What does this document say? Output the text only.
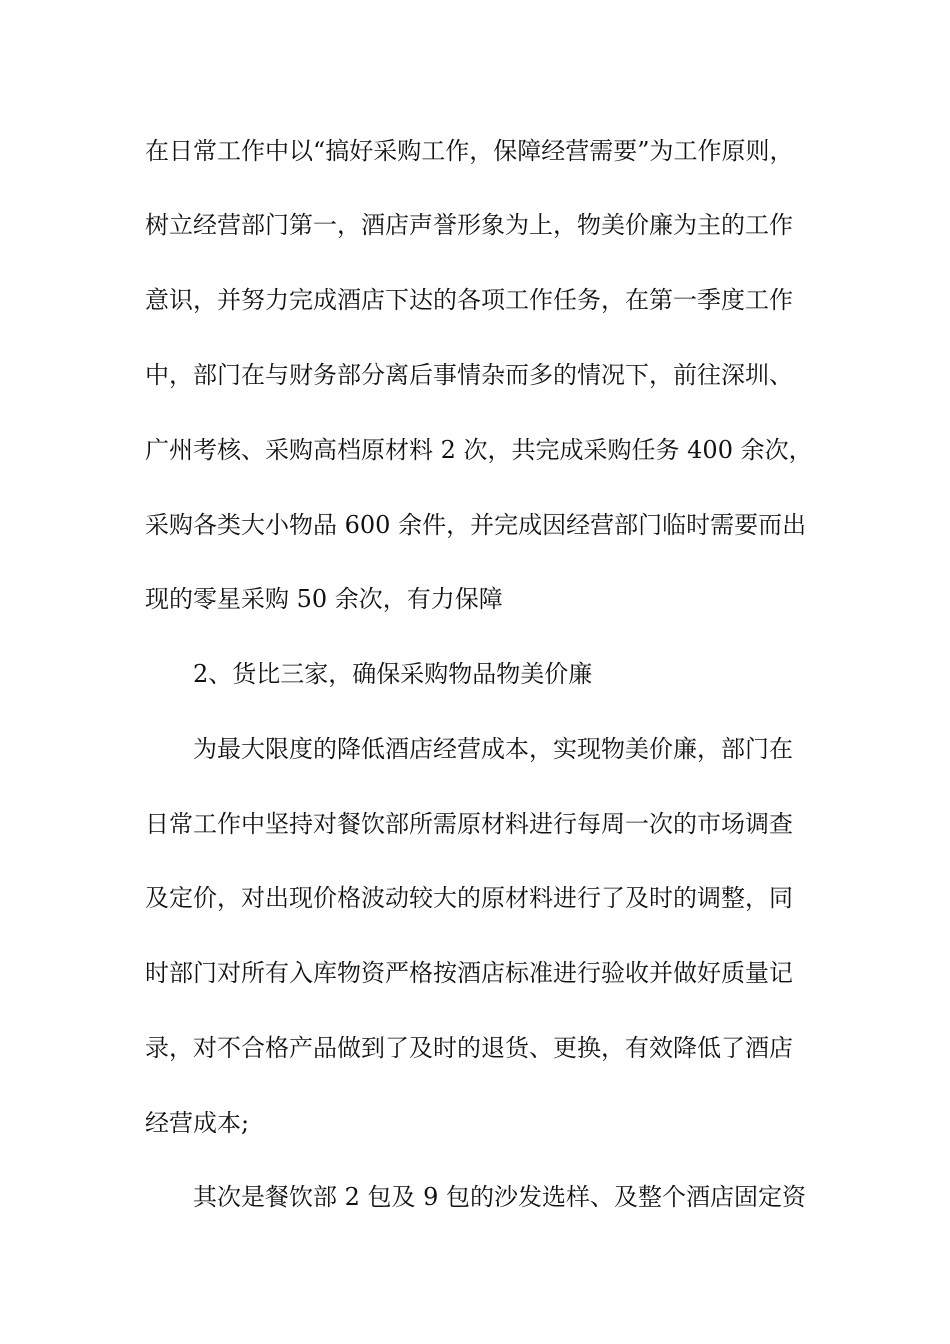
在日常工作中以“搞好采购工作，保障经营需要”为工作原则，
树立经营部门第一，酒店声誉形象为上，物美价廉为主的工作
意识，并努力完成酒店下达的各项工作任务，在第一季度工作
中，部门在与财务部分离后事情杂而多的情况下，前往深圳、
广州考核、采购高档原材料 2 次，共完成采购任务 400 余次，
采购各类大小物品 600 余件，并完成因经营部门临时需要而出
现的零星采购 50 余次，有力保障
2、货比三家，确保采购物品物美价廉
为最大限度的降低酒店经营成本，实现物美价廉，部门在
日常工作中坚持对餐饮部所需原材料进行每周一次的市场调查
及定价，对出现价格波动较大的原材料进行了及时的调整，同
时部门对所有入库物资严格按酒店标准进行验收并做好质量记
录，对不合格产品做到了及时的退货、更换，有效降低了酒店
经营成本;
其次是餐饮部 2 包及 9 包的沙发选样、及整个酒店固定资
